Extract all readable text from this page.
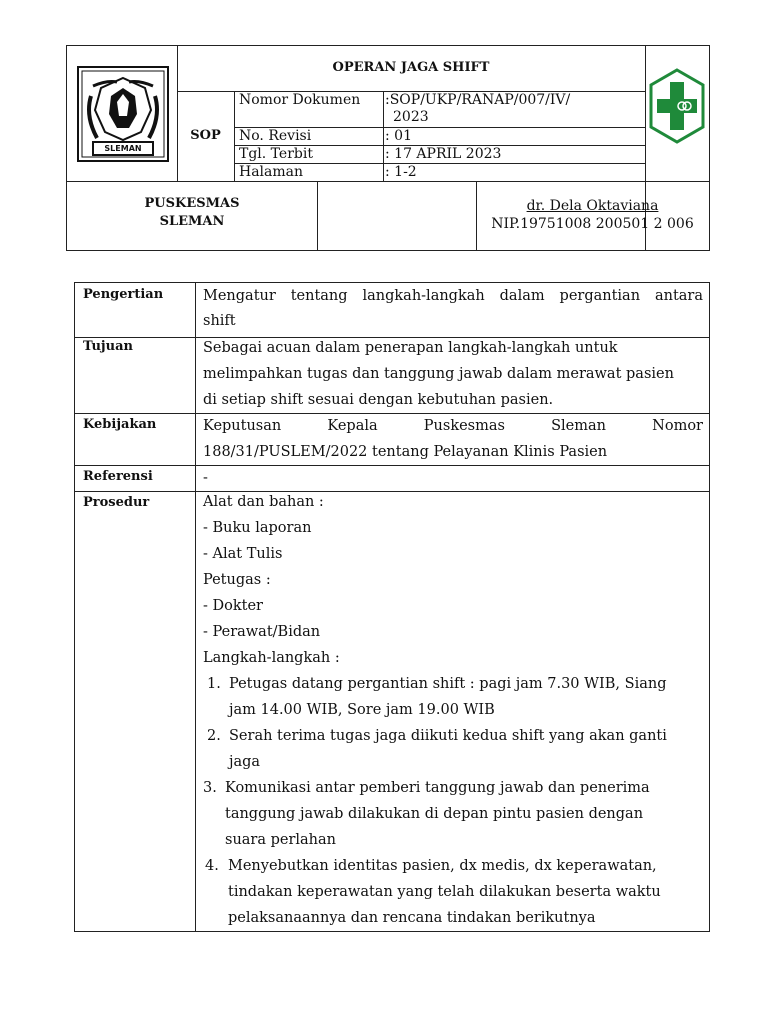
SLEMAN
OPERAN JAGA SHIFT
SOP
Nomor Dokumen :SOP/UKP/RANAP/007/IV/
2023
No. Revisi	: 01
Tgl. Terbit	: 17 APRIL 2023
Halaman	: 1-2
PUSKESMAS
SLEMAN
dr. Dela Oktaviana
NIP.19751008 200501 2 006
Pengertian	Mengatur tentang langkah-langkah dalam pergantian antara
shift
Tujuan	Sebagai acuan dalam penerapan langkah-langkah untuk
melimpahkan tugas dan tanggung jawab dalam merawat pasien
di setiap shift sesuai dengan kebutuhan pasien.
Kebijakan	Keputusan Kepala Puskesmas Sleman Nomor
188/31/PUSLEM/2022 tentang Pelayanan Klinis Pasien
Referensi	-
Prosedur	Alat dan bahan :
- Buku laporan
- Alat Tulis
Petugas :
- Dokter
- Perawat/Bidan
Langkah-langkah :
1. Petugas datang pergantian shift : pagi jam 7.30 WIB, Siang
jam 14.00 WIB, Sore jam 19.00 WIB
2. Serah terima tugas jaga diikuti kedua shift yang akan ganti
jaga
3. Komunikasi antar pemberi tanggung jawab dan penerima
tanggung jawab dilakukan di depan pintu pasien dengan
suara perlahan
4. Menyebutkan identitas pasien, dx medis, dx keperawatan,
tindakan keperawatan yang telah dilakukan beserta waktu
pelaksanaannya dan rencana tindakan berikutnya
